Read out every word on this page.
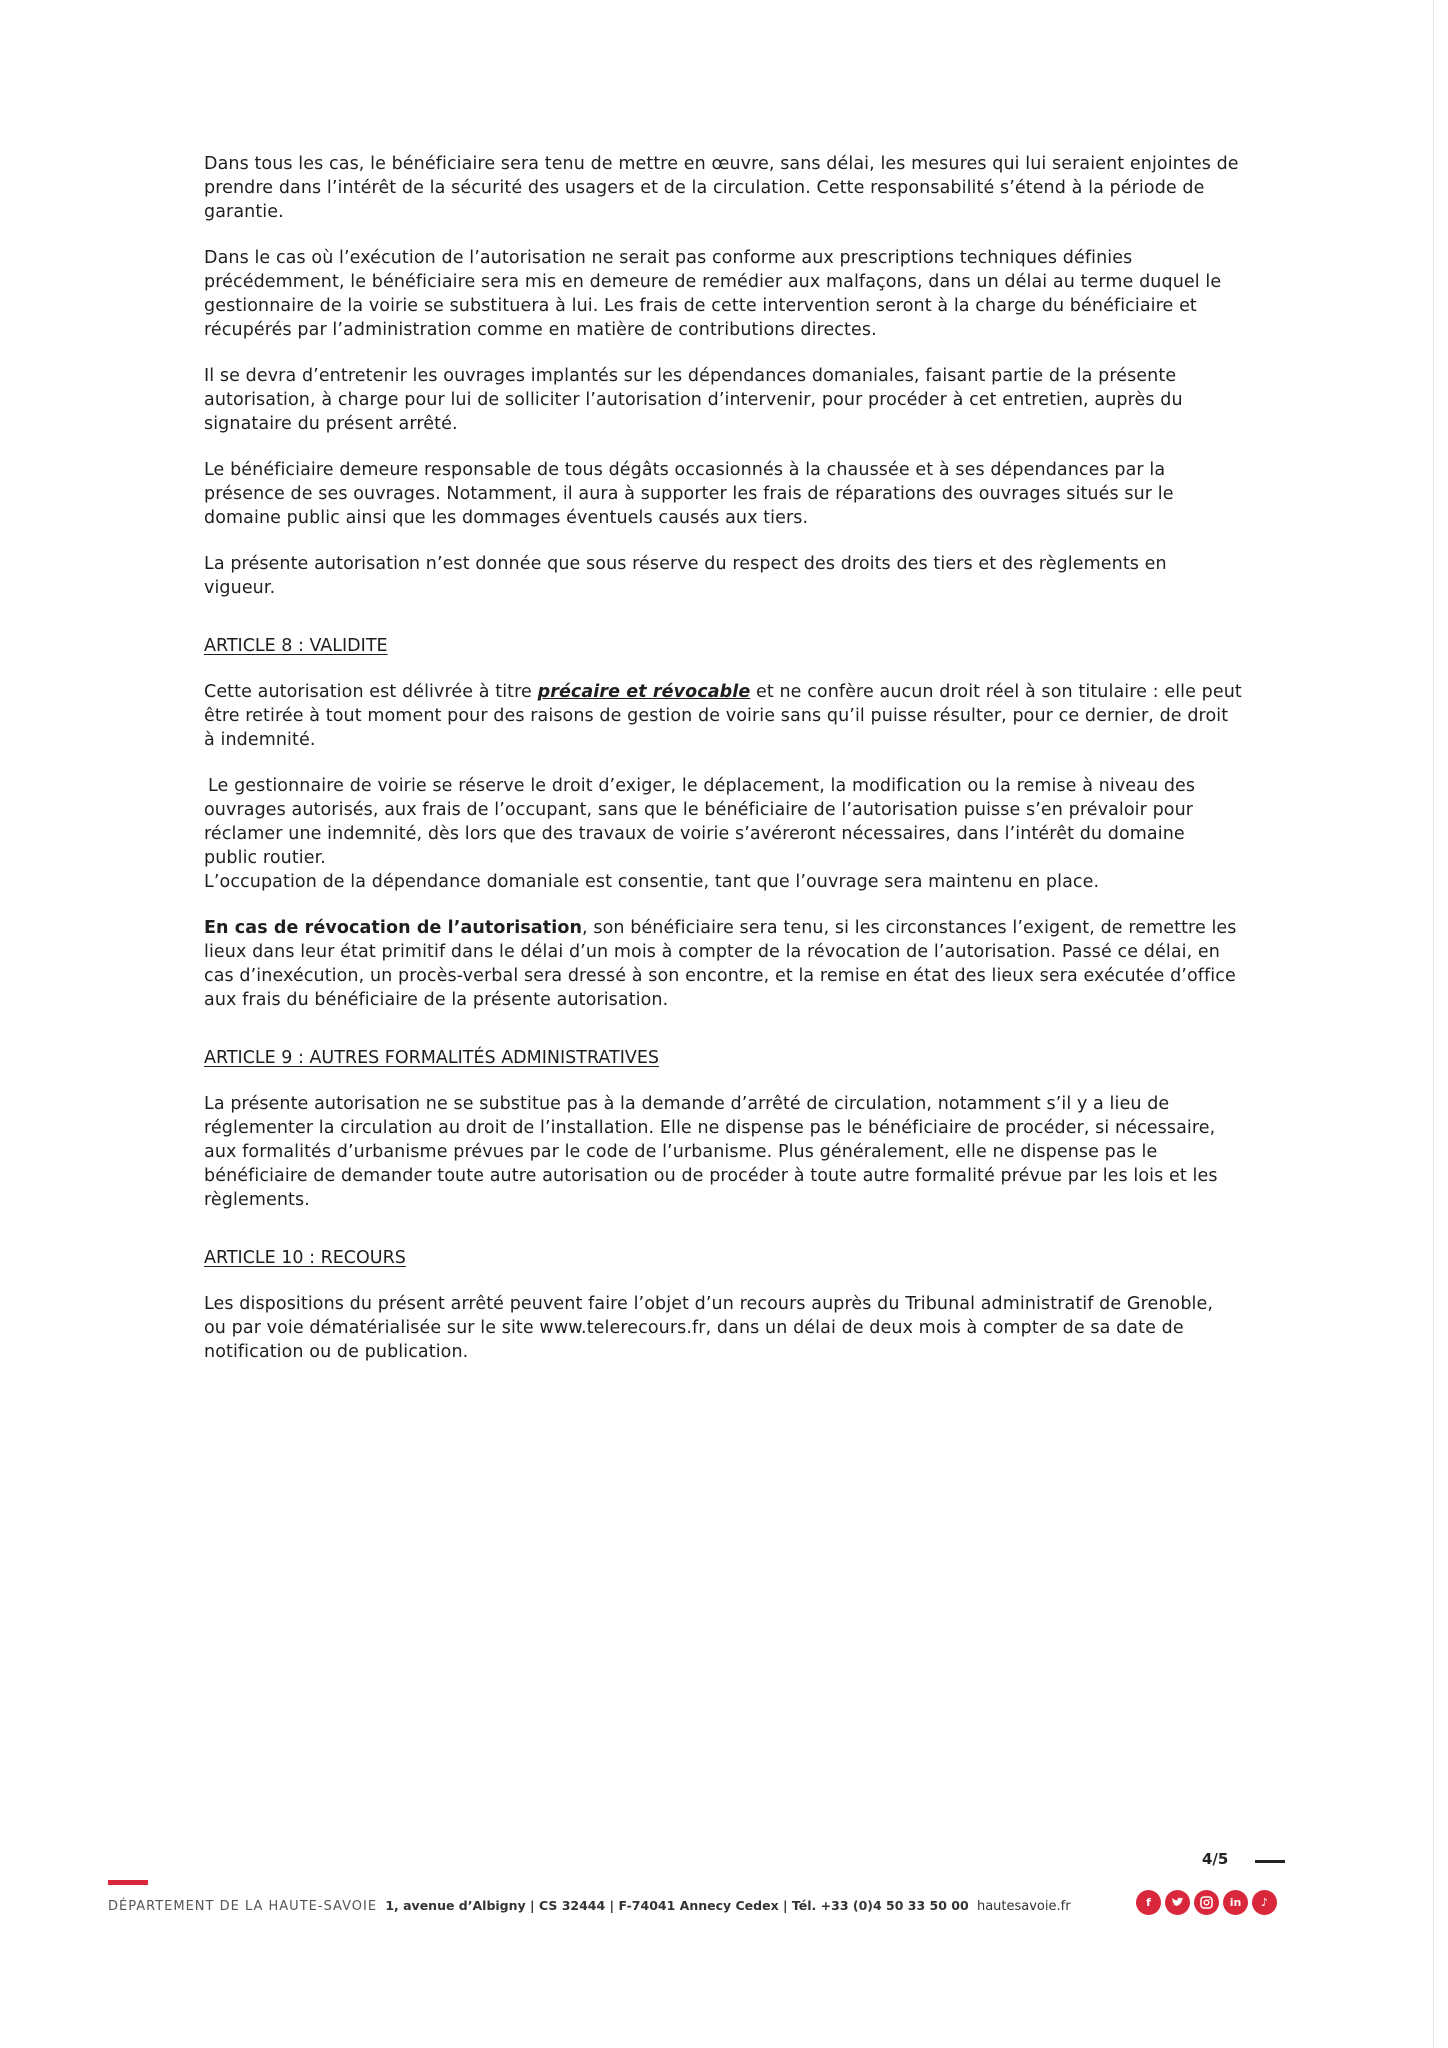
Dans tous les cas, le bénéficiaire sera tenu de mettre en œuvre, sans délai, les mesures qui lui seraient enjointes de
prendre dans l’intérêt de la sécurité des usagers et de la circulation. Cette responsabilité s’étend à la période de
garantie.

Dans le cas où l’exécution de l’autorisation ne serait pas conforme aux prescriptions techniques définies
précédemment, le bénéficiaire sera mis en demeure de remédier aux malfaçons, dans un délai au terme duquel le
gestionnaire de la voirie se substituera à lui. Les frais de cette intervention seront à la charge du bénéficiaire et
récupérés par l’administration comme en matière de contributions directes.

Il se devra d’entretenir les ouvrages implantés sur les dépendances domaniales, faisant partie de la présente
autorisation, à charge pour lui de solliciter l’autorisation d’intervenir, pour procéder à cet entretien, auprès du
signataire du présent arrêté.

Le bénéficiaire demeure responsable de tous dégâts occasionnés à la chaussée et à ses dépendances par la
présence de ses ouvrages. Notamment, il aura à supporter les frais de réparations des ouvrages situés sur le
domaine public ainsi que les dommages éventuels causés aux tiers.

La présente autorisation n’est donnée que sous réserve du respect des droits des tiers et des règlements en
vigueur.

ARTICLE 8 : VALIDITE

Cette autorisation est délivrée à titre précaire et révocable et ne confère aucun droit réel à son titulaire : elle peut
être retirée à tout moment pour des raisons de gestion de voirie sans qu’il puisse résulter, pour ce dernier, de droit
à indemnité.

Le gestionnaire de voirie se réserve le droit d’exiger, le déplacement, la modification ou la remise à niveau des
ouvrages autorisés, aux frais de l’occupant, sans que le bénéficiaire de l’autorisation puisse s’en prévaloir pour
réclamer une indemnité, dès lors que des travaux de voirie s’avéreront nécessaires, dans l’intérêt du domaine
public routier.
L’occupation de la dépendance domaniale est consentie, tant que l’ouvrage sera maintenu en place.

En cas de révocation de l’autorisation, son bénéficiaire sera tenu, si les circonstances l’exigent, de remettre les
lieux dans leur état primitif dans le délai d’un mois à compter de la révocation de l’autorisation. Passé ce délai, en
cas d’inexécution, un procès-verbal sera dressé à son encontre, et la remise en état des lieux sera exécutée d’office
aux frais du bénéficiaire de la présente autorisation.

ARTICLE 9 : AUTRES FORMALITÉS ADMINISTRATIVES

La présente autorisation ne se substitue pas à la demande d’arrêté de circulation, notamment s’il y a lieu de
réglementer la circulation au droit de l’installation. Elle ne dispense pas le bénéficiaire de procéder, si nécessaire,
aux formalités d’urbanisme prévues par le code de l’urbanisme. Plus généralement, elle ne dispense pas le
bénéficiaire de demander toute autre autorisation ou de procéder à toute autre formalité prévue par les lois et les
règlements.

ARTICLE 10 : RECOURS

Les dispositions du présent arrêté peuvent faire l’objet d’un recours auprès du Tribunal administratif de Grenoble,
ou par voie dématérialisée sur le site www.telerecours.fr, dans un délai de deux mois à compter de sa date de
notification ou de publication.

4/5
DÉPARTEMENT DE LA HAUTE-SAVOIE 1, avenue d’Albigny | CS 32444 | F-74041 Annecy Cedex | Tél. +33 (0)4 50 33 50 00 hautesavoie.fr	f	in	♪
